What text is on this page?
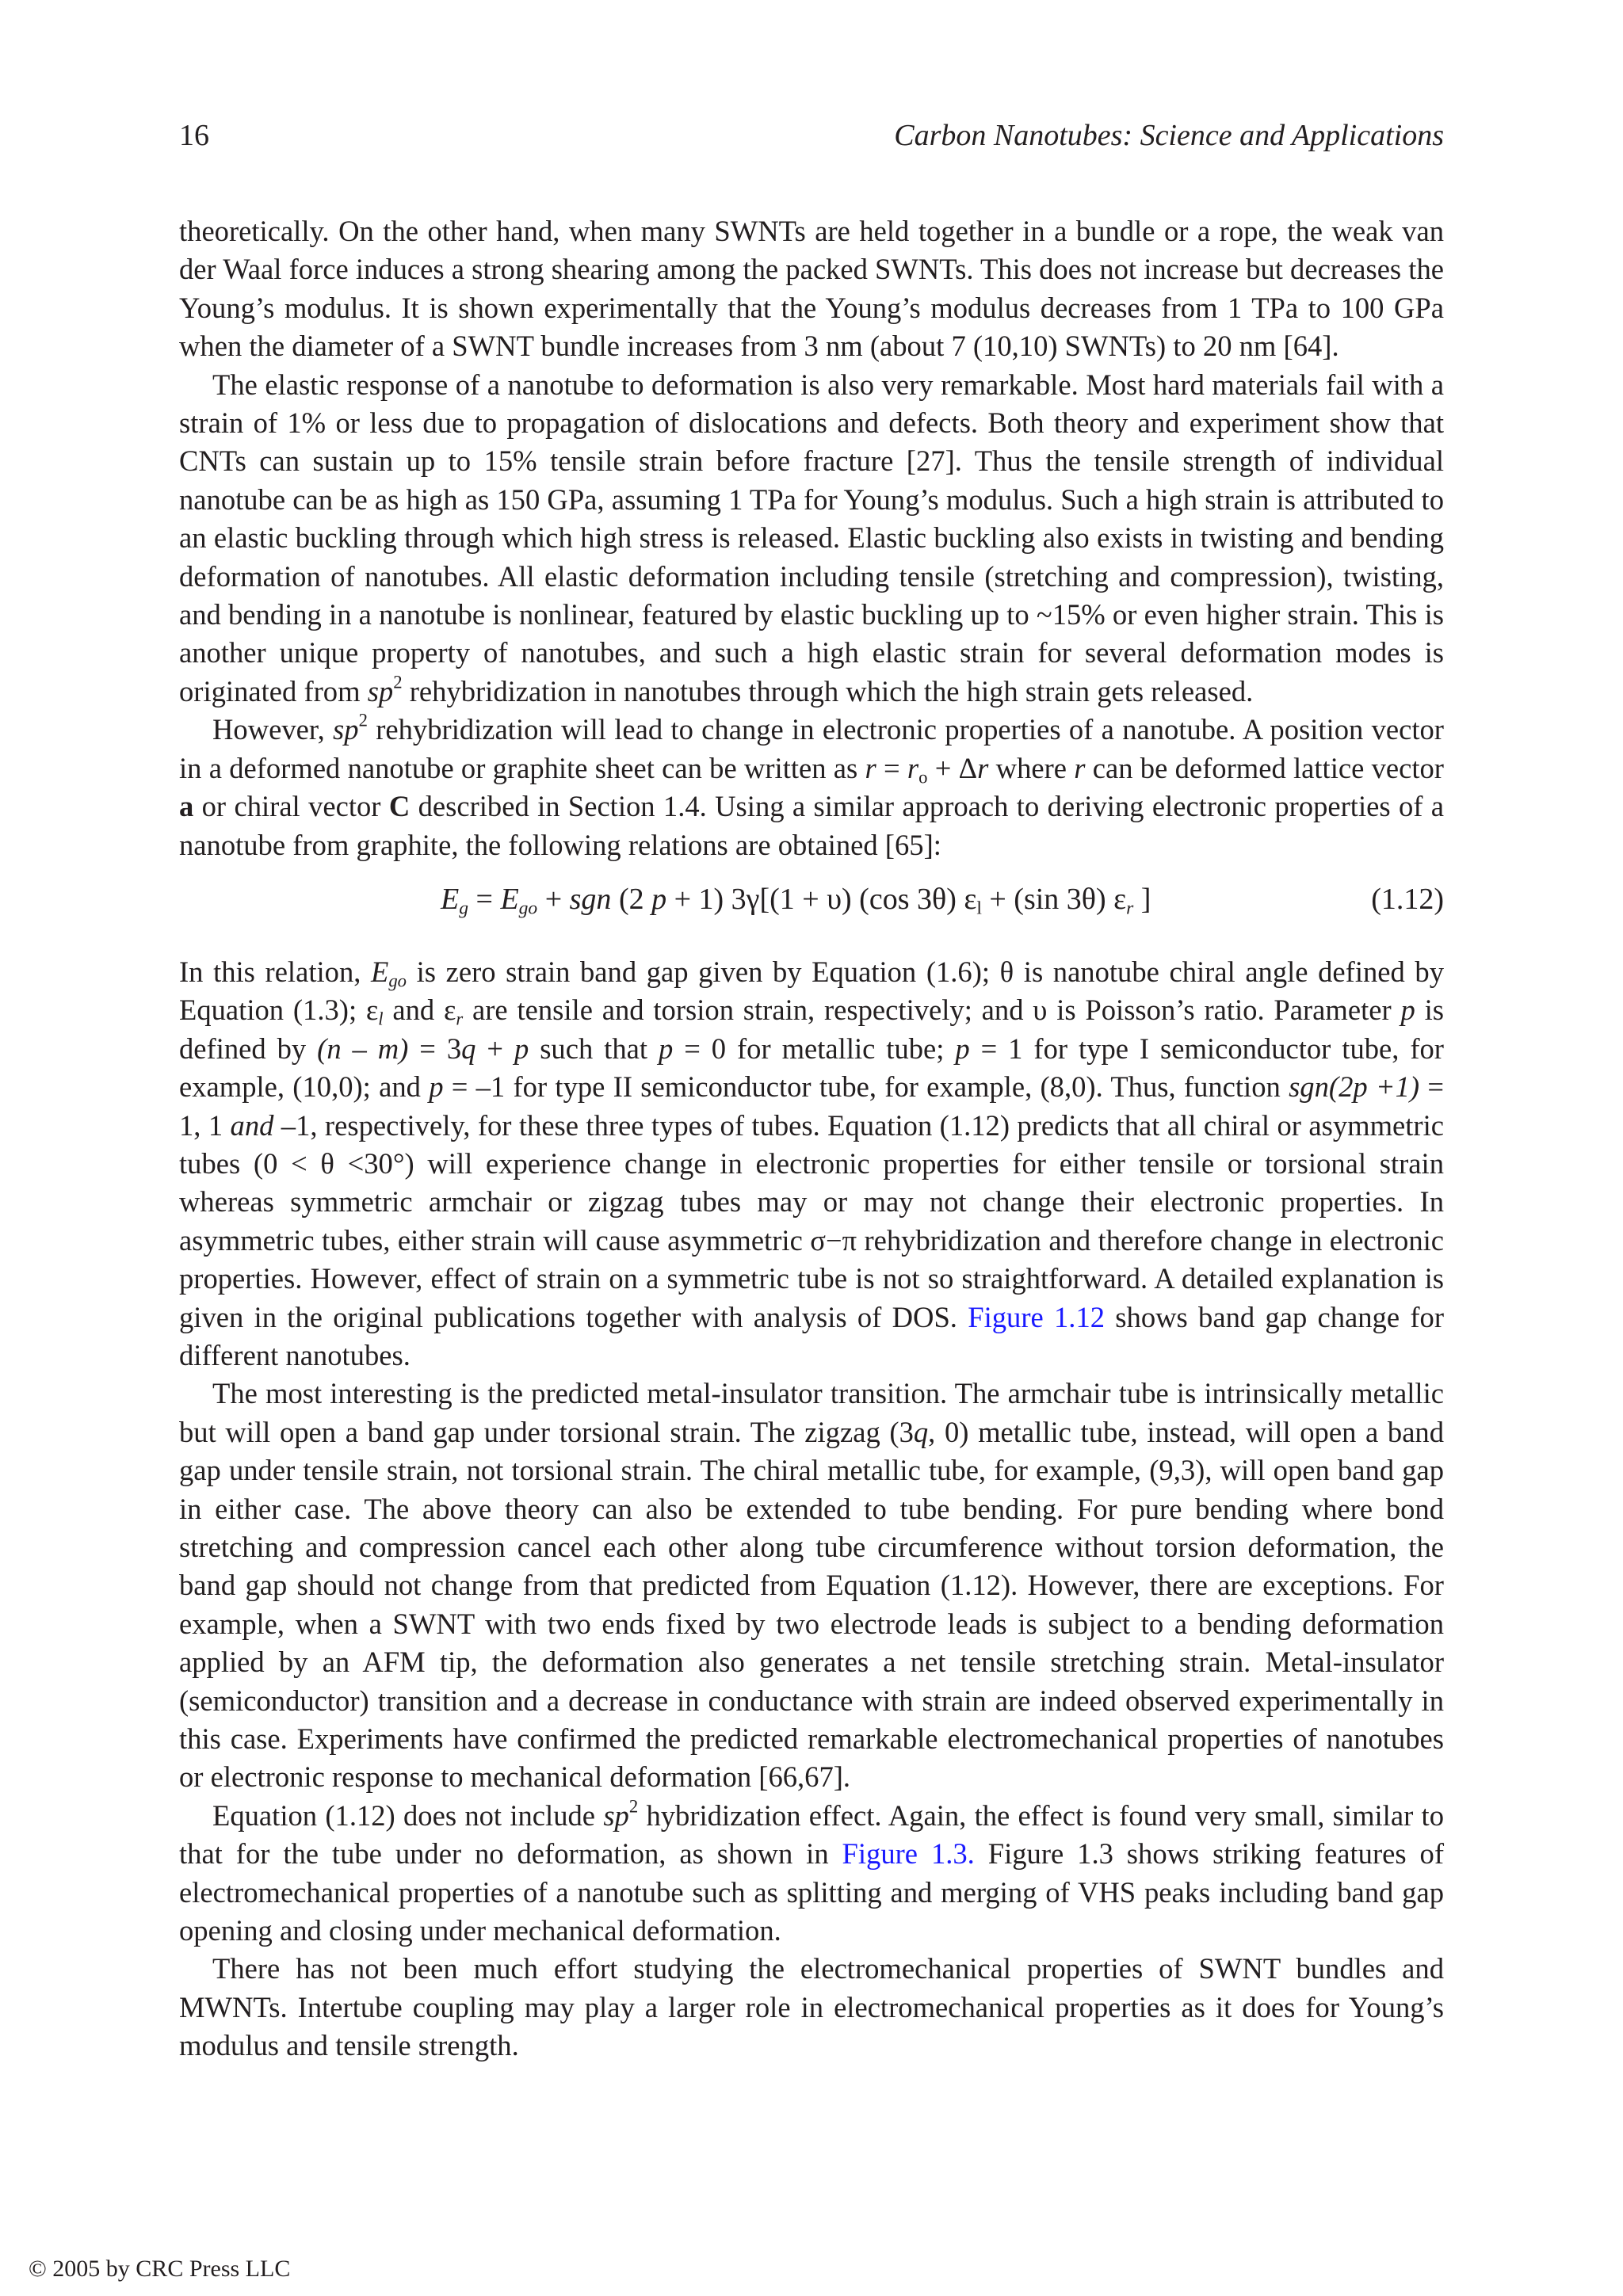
16	Carbon Nanotubes: Science and Applications

theoretically. On the other hand, when many SWNTs are held together in a bundle or a rope, the weak van der Waal force induces a strong shearing among the packed SWNTs. This does not increase but decreases the Young’s modulus. It is shown experimentally that the Young’s modulus decreases from 1 TPa to 100 GPa when the diameter of a SWNT bundle increases from 3 nm (about 7 (10,10) SWNTs) to 20 nm [64].

The elastic response of a nanotube to deformation is also very remarkable. Most hard materials fail with a strain of 1% or less due to propagation of dislocations and defects. Both theory and experiment show that CNTs can sustain up to 15% tensile strain before fracture [27]. Thus the tensile strength of individual nanotube can be as high as 150 GPa, assuming 1 TPa for Young’s modulus. Such a high strain is attributed to an elastic buckling through which high stress is released. Elastic buckling also exists in twisting and bending deformation of nanotubes. All elastic deformation including tensile (stretching and compression), twisting, and bending in a nanotube is nonlinear, featured by elastic buckling up to ~15% or even higher strain. This is another unique property of nanotubes, and such a high elastic strain for several deformation modes is originated from $sp^2$ rehybridization in nanotubes through which the high strain gets released.

However, $sp^2$ rehybridization will lead to change in electronic properties of a nanotube. A position vector in a deformed nanotube or graphite sheet can be written as $r = r_o + \Delta r$ where r can be deformed lattice vector a or chiral vector C described in Section 1.4. Using a similar approach to deriving electronic properties of a nanotube from graphite, the following relations are obtained [65]:

$E_g = E_{go}$ + sgn (2 p + 1) 3γ[(1 + υ) (cos 3θ) $\varepsilon_l + (\sin$ 3θ) $\varepsilon_r$ ]	(1.12)

In this relation, $E_{go}$ is zero strain band gap given by Equation (1.6); θ is nanotube chiral angle defined by Equation (1.3); $\varepsilon_l$ and $\varepsilon_r$ are tensile and torsion strain, respectively; and υ is Poisson’s ratio. Parameter p is defined by (n – m) = 3q + p such that p = 0 for metallic tube; p = 1 for type I semiconductor tube, for example, (10,0); and p = –1 for type II semiconductor tube, for example, (8,0). Thus, function sgn(2p +1) = 1, 1 and –1, respectively, for these three types of tubes. Equation (1.12) predicts that all chiral or asymmetric tubes (0 < θ <30°) will experience change in electronic properties for either tensile or torsional strain whereas symmetric armchair or zigzag tubes may or may not change their electronic properties. In asymmetric tubes, either strain will cause asymmetric σ−π rehybridization and therefore change in electronic properties. However, effect of strain on a symmetric tube is not so straightforward. A detailed explanation is given in the original publications together with analysis of DOS. Figure 1.12 shows band gap change for different nanotubes.

The most interesting is the predicted metal-insulator transition. The armchair tube is intrinsically metallic but will open a band gap under torsional strain. The zigzag (3q, 0) metallic tube, instead, will open a band gap under tensile strain, not torsional strain. The chiral metallic tube, for example, (9,3), will open band gap in either case. The above theory can also be extended to tube bending. For pure bending where bond stretching and compression cancel each other along tube circumference without torsion deformation, the band gap should not change from that predicted from Equation (1.12). However, there are exceptions. For example, when a SWNT with two ends fixed by two electrode leads is subject to a bending deformation applied by an AFM tip, the deformation also generates a net tensile stretching strain. Metal-insulator (semiconductor) transition and a decrease in conductance with strain are indeed observed experimentally in this case. Experiments have confirmed the predicted remarkable electromechanical properties of nanotubes or electronic response to mechanical deformation [66,67].

Equation (1.12) does not include $sp^2$ hybridization effect. Again, the effect is found very small, similar to that for the tube under no deformation, as shown in Figure 1.3. Figure 1.3 shows striking features of electromechanical properties of a nanotube such as splitting and merging of VHS peaks including band gap opening and closing under mechanical deformation.

There has not been much effort studying the electromechanical properties of SWNT bundles and MWNTs. Intertube coupling may play a larger role in electromechanical properties as it does for Young’s modulus and tensile strength.

© 2005 by CRC Press LLC
